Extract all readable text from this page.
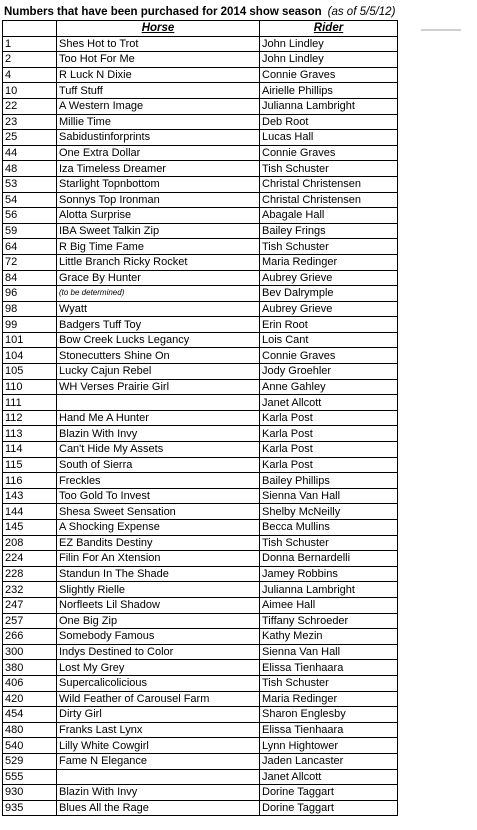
Numbers that have been purchased for 2014 show season (as of 5/5/12)
	Horse	Rider	
1	Shes Hot to Trot	John Lindley	
2	Too Hot For Me	John Lindley	
4	R Luck N Dixie	Connie Graves	
10	Tuff Stuff	Airielle Phillips	
22	A Western Image	Julianna Lambright	
23	Millie Time	Deb Root	
25	Sabidustinforprints	Lucas Hall	
44	One Extra Dollar	Connie Graves	
48	Iza Timeless Dreamer	Tish Schuster	
53	Starlight Topnbottom	Christal Christensen	
54	Sonnys Top Ironman	Christal Christensen	
56	Alotta Surprise	Abagale Hall	
59	IBA Sweet Talkin Zip	Bailey Frings	
64	R Big Time Fame	Tish Schuster	
72	Little Branch Ricky Rocket	Maria Redinger	
84	Grace By Hunter	Aubrey Grieve	
96	(to be determined)	Bev Dalrymple	
98	Wyatt	Aubrey Grieve	
99	Badgers Tuff Toy	Erin Root	
101	Bow Creek Lucks Legancy	Lois Cant	
104	Stonecutters Shine On	Connie Graves	
105	Lucky Cajun Rebel	Jody Groehler	
110	WH Verses Prairie Girl	Anne Gahley	
111		Janet Allcott	
112	Hand Me A Hunter	Karla Post	
113	Blazin With Invy	Karla Post	
114	Can't Hide My Assets	Karla Post	
115	South of Sierra	Karla Post	
116	Freckles	Bailey Phillips	
143	Too Gold To Invest	Sienna Van Hall	
144	Shesa Sweet Sensation	Shelby McNeilly	
145	A Shocking Expense	Becca Mullins	
208	EZ Bandits Destiny	Tish Schuster	
224	Filin For An Xtension	Donna Bernardelli	
228	Standun In The Shade	Jamey Robbins	
232	Slightly Rielle	Julianna Lambright	
247	Norfleets Lil Shadow	Aimee Hall	
257	One Big Zip	Tiffany Schroeder	
266	Somebody Famous	Kathy Mezin	
300	Indys Destined to Color	Sienna Van Hall	
380	Lost My Grey	Elissa Tienhaara	
406	Supercalicolicious	Tish Schuster	
420	Wild Feather of Carousel Farm	Maria Redinger	
454	Dirty Girl	Sharon Englesby	
480	Franks Last Lynx	Elissa Tienhaara	
540	Lilly White Cowgirl	Lynn Hightower	
529	Fame N Elegance	Jaden Lancaster	
555		Janet Allcott	
930	Blazin With Invy	Dorine Taggart	
935	Blues All the Rage	Dorine Taggart	
